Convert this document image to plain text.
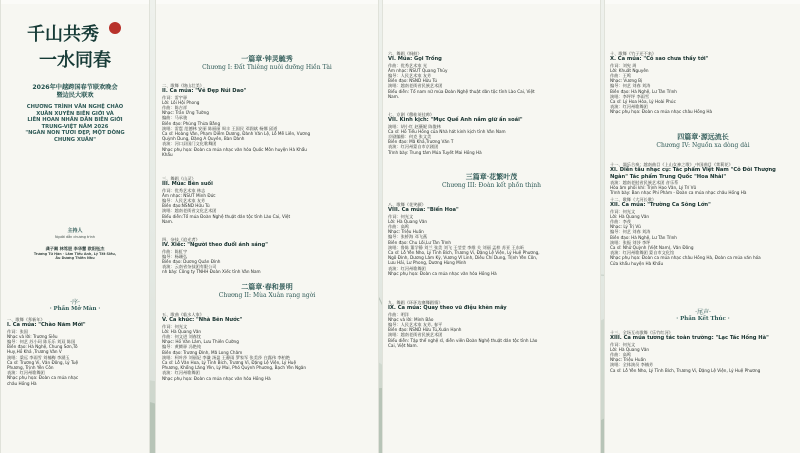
千山共秀
一水同春
2026年中越跨国春节联欢晚会
暨边民大联欢
CHƯƠNG TRÌNH VĂN NGHỆ CHÀO
XUÂN XUYÊN BIÊN GIỚI VÀ
LIÊN HOAN NHÂN DÂN BIÊN GIỚI
TRUNG-VIỆT NĂM 2026
"NGÀN NON TƯƠI ĐẸP, MỘT DÒNG
CHUNG XUÂN"
主持人
Người dẫn chương trình
龚子阚 林笃胆 李华慧 欧阳钰杰
Trương Tử Hàn · Lâm Tiểu Anh, Lý Tất Siêu,
Âu Dương Thiên Nhu
·序·
· Phần Mở Màn ·
一、歌舞《拜新年》
I. Ca múa: "Chào Năm Mới"
作词：张国
Nhạc và lời: Trương Siêu
编导：何艺 苏小珂 陈乐乐 刘双 陈国
Biên đạo: Hà Nghệ, Chung Sơn,Tô
Huy,Hồ Khả ,Trương Vân V
演唱：梁远 李雨雪 刘楠梅 李涵玉
Ca sĩ: Trương Vi, Văn Đông, Lý Tuệ
Phương, Trịnh Yên Côn
表演：红河州歌舞团
Nhạc phụ họa: Đoàn ca múa nhạc
châu Hồng Hà
一篇章·钟灵毓秀
Chương I: Đất Thiêng nuôi dưỡng Hiền Tài
二、歌舞《锦山壮美》
II. Ca múa: "Vẻ Đẹp Núi Dao"
作词：雷宇驿
Lời: Lôi Hội Phong
作曲：陈吉祥
Nhạc: Trần Ứng Tường
编曲：马承骏
Biên đạo: Phùng Thừa Bằng
演唱：雷霆 范德林 安丽 陈丽丽 周丰 王国民 邓润斌 杨娜 邱道
Ca sĩ: Hoàng Vân, Phạm Diễm Dương, Đành Văn Lệ, Lỗ Mễ Liên, Vương
Quỳnh Dung, Đặng A Quyên, Bàn Dành
表演：河口县国门文化歌舞团
Nhạc phụ họa: Đoàn ca múa nhạc văn hóa Quốc Môn huyện Hà Khẩu
Khẩu
三、舞蹈《山灵》
III. Múa: Bên suối
作词：优秀艺术家 林志
Âm nhạc: NSUT Minh Đức
编导：人民艺术家 友芳
Biên đạo:NSND Hữu Tú
演唱：越南老街省文化艺术团
Biểu diễn:Tổ múa Đoàn Nghệ thuật dân tộc tỉnh Lào Cai, Việt
Nam.
四、杂技《追光者》
IV. Xiếc: "Người theo đuổi ánh sáng"
作曲：陈虹宇
编导：杨珊弘
Biên đạo: Dương Quân Đình
表演：云南省杂技团有限公司
nh bày: Công ty TNHH Đoàn Xiếc tỉnh Vân Nam
二篇章·春和景明
Chương II: Mùa Xuân rạng ngời
五、歌曲《临水人家》
V. Ca khúc: "Nhà Bên Nước"
作词：何光文
Lời: Hà Quang Văn
作曲：何文进 刘春忱
Nhạc: Hồ Văn Lâm, Lưu Thiên Cường
编导：黄腾驿 冯艳纯
Biên đạo: Trương Đình, Mã Long Châm
演唱：柯叶莎 刘丽妃 李谦 汤盈 王静雨 罗家军 张美莎 白露伟 李柏艳
Ca sĩ: Lỗ Văn Hoa, Lý Tỉnh Bích, Trương Vi, Đặng Lệ Viện, Lý Huệ
Phương, Khổng Lãng Yên, Lý Mai, Phó Quỳnh Phương, Bạch Yên Ngân
表演：红河州歌舞团
Nhạc phụ họa: Đoàn ca múa nhạc văn hóa Hồng Hà
六、舞蹈《铜鼓》
VI. Múa: Gọi Trống
作曲：优秀艺术家 光
Âm nhạc: NSUT Quang Thủy
编导：人民艺术家 友芳
Biên đạo: NSND Hữu Tú
演唱：越南老街省民族艺术团
Biểu diễn: Tổ nam nữ múa Đoàn Nghệ thuật dân tộc tỉnh Lào Cai, Việt
Nam.
七、京剧《穆桂英挂帅》
VII. Kinh kịch: "Mục Quế Anh nắm giữ ấn soái"
演唱：胡小红 赵薇妮 陈俊林
Ca sĩ: Hồ Tiểu Hồng của Nhà hát kinh kịch tỉnh Vân Nam
京剧编排：何克 张文美
Biên đạo: Mã Khả,Trương Văn T
表演：红河州蒙自市京剧团
Trình bày: Trung tâm Múa Tuyết Mai Hồng Hà
三篇章·花繁叶茂
Chương III: Đoàn kết phồn thịnh
八、歌舞《花笑颜》
VIII. Ca múa: "Biển Hoa"
作词：何光文
Lời: Hà Quang Văn
作曲：高鸣
Nhạc: Triệu Huấn
编导：张桥海 邓飞燕
Biên đạo: Chu Lôi,Lư Tân Trình
演唱：鲁陈 董学静 刘兰 张美 刘飞 王莹莹 李维 关 刘丽 孟梓 苏亚 王东昕
Ca sĩ: Lỗ Yên Nho, Lý Tỉnh Bích, Trương Vi, Đặng Lệ Viện, Lý Huệ Phương,
Ngô Đình, Dương Lâm Kỳ, Vương Vĩ Linh, Diêu Chí Dung, Trịnh Yên Côn,
Lưu Hải, Lư Phong, Dương Hùng Minh
表演：红河州歌舞团
Nhạc phụ họa: Đoàn ca múa nhạc văn hóa Hồng Hà
九、舞蹈《环环边寨舞蹈情》
IX. Ca múa: Quay theo vũ điệu khèn mây
作曲：明洋
Nhạc và lời: Minh Bảo
编导：人民艺术家 友芳, 春平
Biên đạo: NSND Hữu Tú,Xuân Hạnh
演唱：越南老街省民族艺术团
Biểu diễn: Tập thể nghệ sĩ, diễn viên Đoàn Nghệ thuật dân tộc tỉnh Lào
Cai, Việt Nam.
十、歌舞《竹子还不来》
X. Ca múa: "Cỏ sao chưa thấy tới"
作词：刘宪 周
Lời: Khuất Nguyên
作曲：王鸣
Nhạc: Vương Bị
编导：何艺 刘春 刘涛
Biên đạo: Hà Nghệ, Lư Tân Trình
演唱：李坪坪 李雨雪
Ca sĩ: Lý Hoa Hòa, Lý Hoài Phúc
表演：红河州歌舞团
Nhạc phụ họa: Đoàn ca múa nhạc châu Hồng Hà
四篇章·源远流长
Chương IV: Nguồn xa dòng dài
十一、器乐合奏：越南曲目《上山女神之歌》 中国曲目《茉莉花》
XI. Diễn tấu nhạc cụ: Tác phẩm Việt Nam "Cô Đôi Thượng
Ngàn" Tác phẩm Trung Quốc "Hoa Nhài"
表演：越南老挝省民族艺术团 音乐系
Hòa âm phối khí: Trịnh Hạo Văn, Lý Trí Vũ
Trình bày: Ban nhạc Phi Phàm - Đoàn ca múa nhạc châu Hồng Hà
十二、歌舞《大河长歌》
XII. Ca múa: "Trường Ca Sông Lớn"
作词：何光文
Lời: Hà Quang Văn
作曲：李茂
Nhạc: Lý Trị Vũ
编导：何艺 刘春 刘涛
Biên đạo: Hà Nghệ, Lư Tân Trình
演唱：张振 刘莎 李坪
Ca sĩ: Nhữ Quỳnh (Việt Nam), Văn Đông
表演：红河州歌舞团 蒙自市文化馆
Nhạc phụ họa: Đoàn ca múa nhạc châu Hồng Hà, Đoàn ca múa văn hóa
Cửa khẩu huyện Hà Khẩu
·尾声·
· Phần Kết Thúc ·
十三、全场互动歌舞《乐竹红河》
XIII. Ca múa tương tác toàn trường: "Lạc Tác Hồng Hà"
作词：何光文
Lời: Hà Quang Văn
作曲：高鸣
Nhạc: Triệu Huấn
演唱：全体演员 李楠芳
Ca sĩ: Lỗ Yên Nho, Lý Tỉnh Bích, Trương Vi, Đặng Lệ Viện, Lý Huệ Phương
